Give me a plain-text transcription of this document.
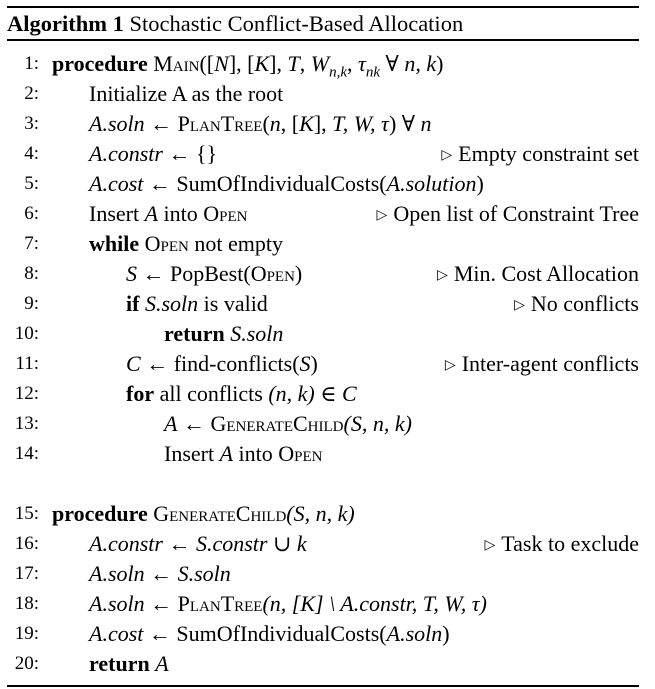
Algorithm 1 Stochastic Conflict-Based Allocation
1: procedure Main([N], [K], T, $W_{n,k}$, $\tau_{nk}$ ∀ n, k)
2: Initialize A as the root
3: A.soln ← PlanTree(n, [K], T, W, τ) ∀ n
4: A.constr ← {}	▷ Empty constraint set
5: A.cost ← SumOfIndividualCosts(A.solution)
6: Insert A into Open	▷ Open list of Constraint Tree
7: while Open not empty
8:	S ← PopBest(Open)	▷ Min. Cost Allocation
9:	if S.soln is valid	▷ No conflicts
10:	return S.soln
11:	C ← find-conflicts(S)	▷ Inter-agent conflicts
12:	for all conflicts (n, k) ∈ C
13:	A ← GenerateChild(S, n, k)
14:	Insert A into Open
15: procedure GenerateChild(S, n, k)
16: A.constr ← S.constr ∪ k	▷ Task to exclude
17: A.soln ← S.soln
18: A.soln ← PlanTree(n, [K] \ A.constr, T, W, τ)
19: A.cost ← SumOfIndividualCosts(A.soln)
20: return A
